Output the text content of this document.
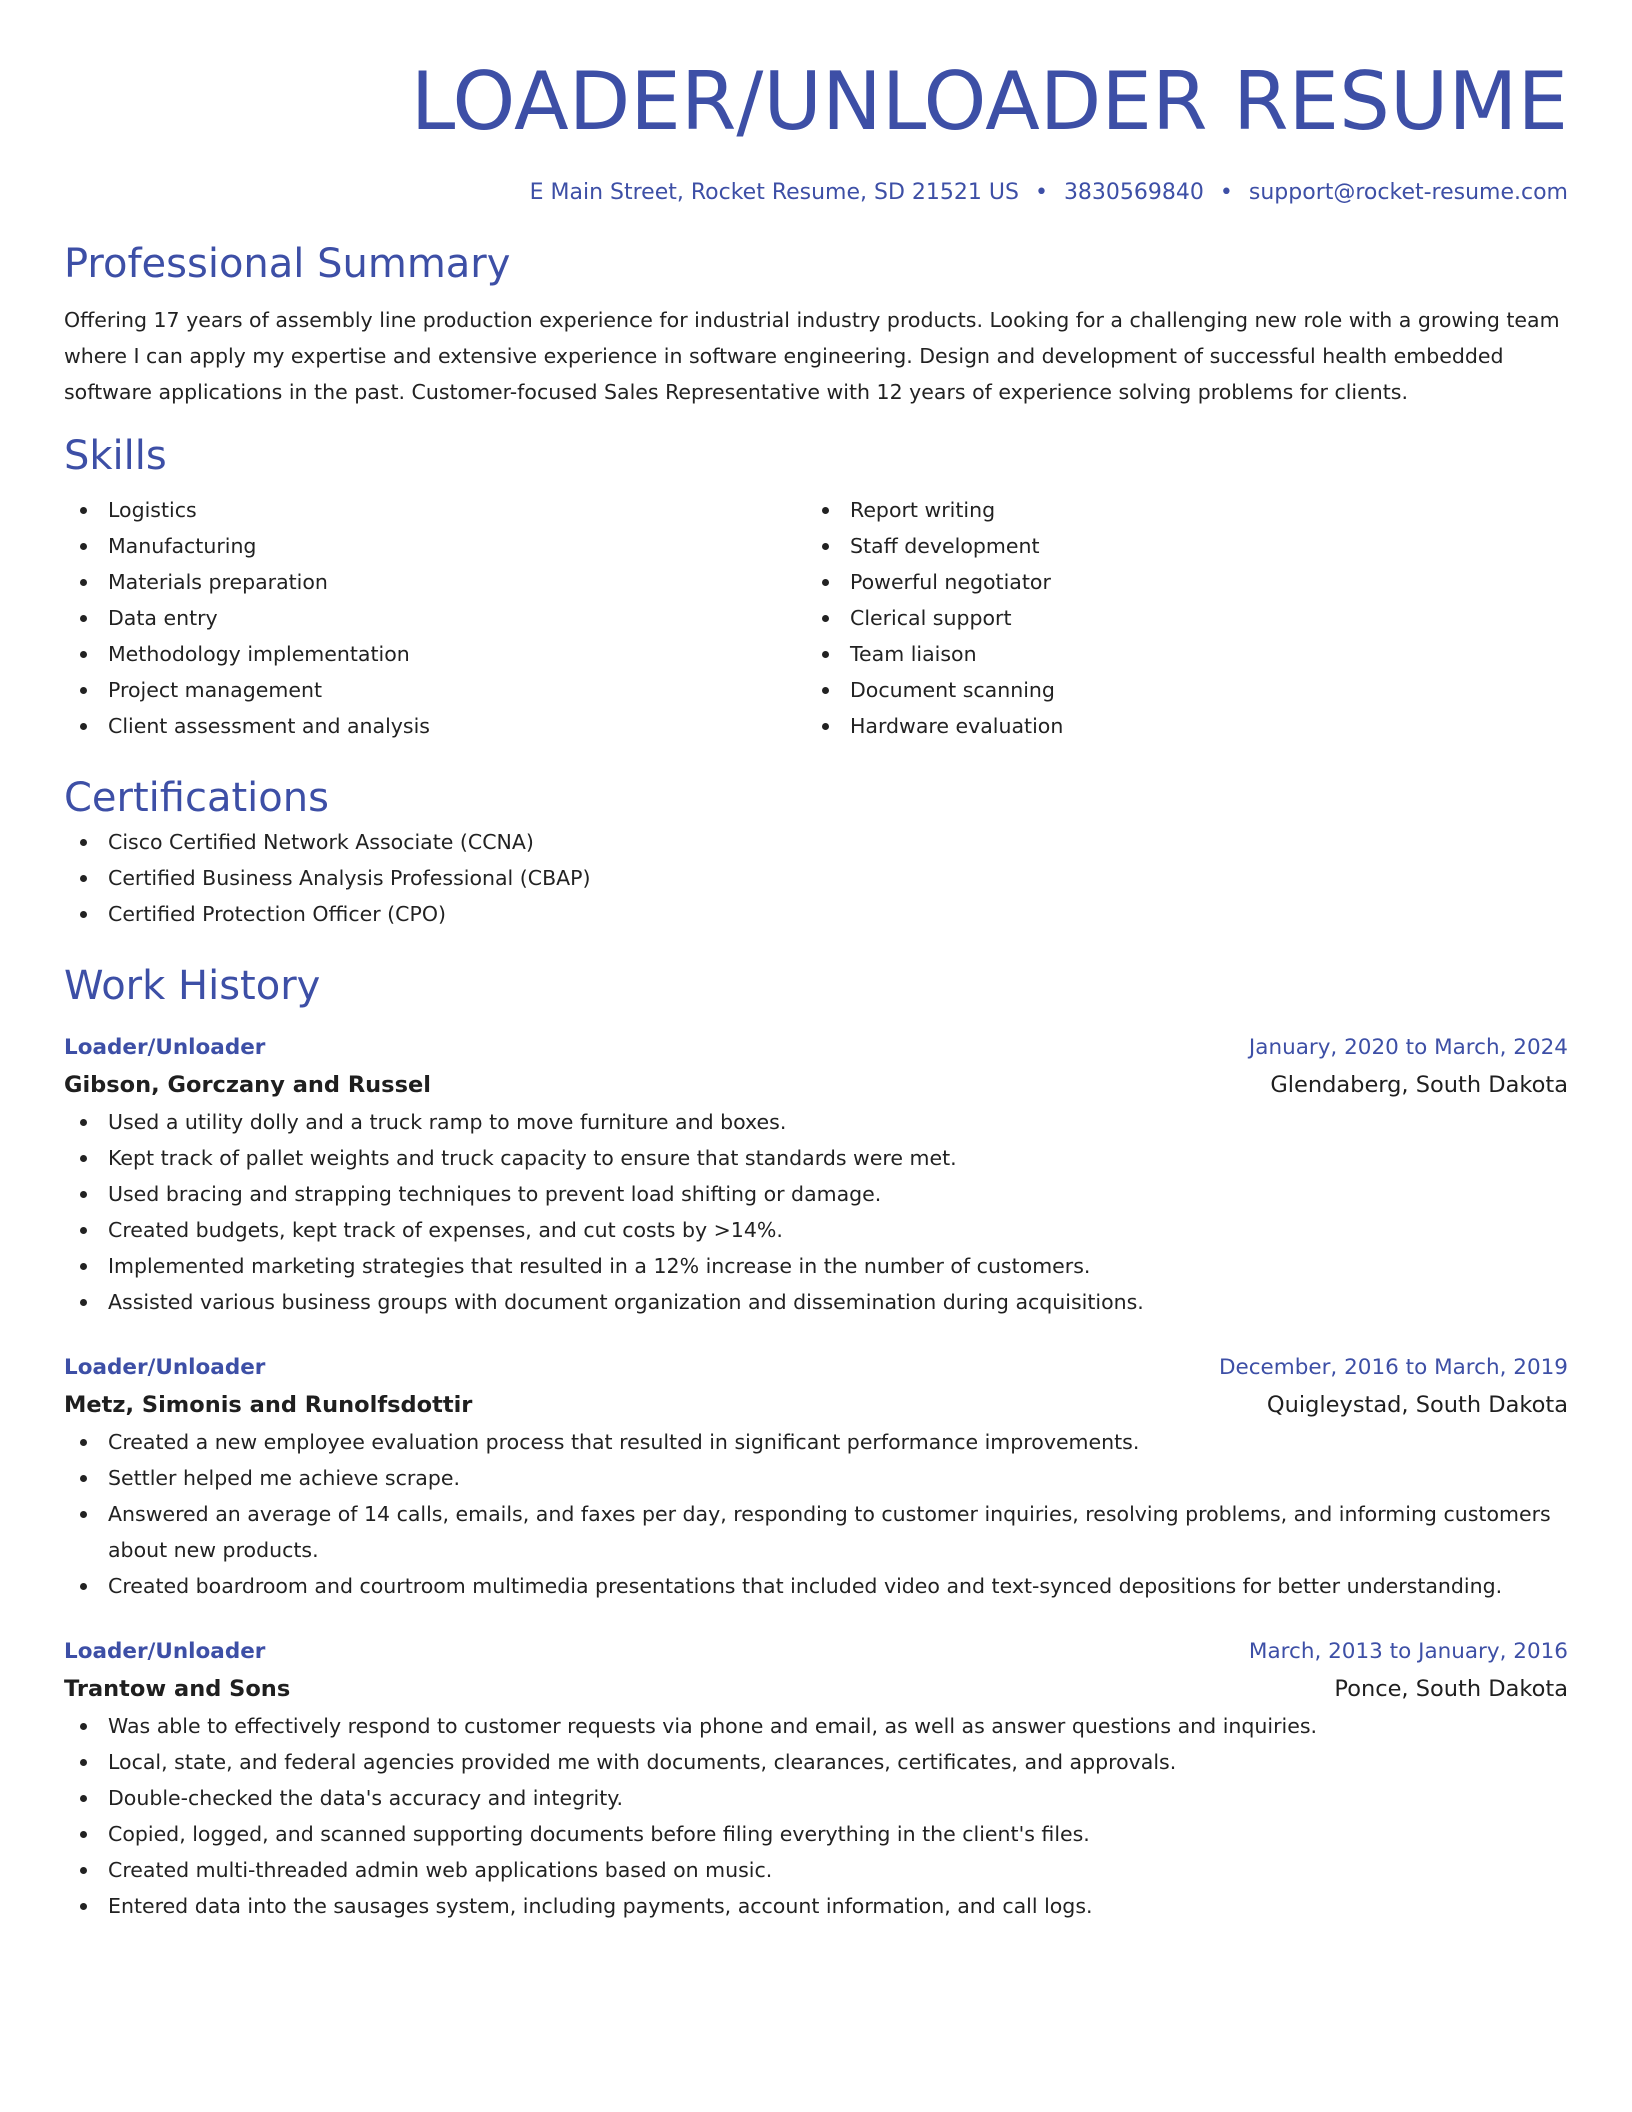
LOADER/UNLOADER RESUME
E Main Street, Rocket Resume, SD 21521 US • 3830569840 • support@rocket-resume.com
Professional Summary
Offering 17 years of assembly line production experience for industrial industry products. Looking for a challenging new role with a growing team where I can apply my expertise and extensive experience in software engineering. Design and development of successful health embedded software applications in the past. Customer-focused Sales Representative with 12 years of experience solving problems for clients.
Skills
Logistics
Manufacturing
Materials preparation
Data entry
Methodology implementation
Project management
Client assessment and analysis
Report writing
Staff development
Powerful negotiator
Clerical support
Team liaison
Document scanning
Hardware evaluation
Certifications
Cisco Certified Network Associate (CCNA)
Certified Business Analysis Professional (CBAP)
Certified Protection Officer (CPO)
Work History
Loader/Unloader	January, 2020 to March, 2024
Gibson, Gorczany and Russel	Glendaberg, South Dakota
Used a utility dolly and a truck ramp to move furniture and boxes.
Kept track of pallet weights and truck capacity to ensure that standards were met.
Used bracing and strapping techniques to prevent load shifting or damage.
Created budgets, kept track of expenses, and cut costs by >14%.
Implemented marketing strategies that resulted in a 12% increase in the number of customers.
Assisted various business groups with document organization and dissemination during acquisitions.
Loader/Unloader	December, 2016 to March, 2019
Metz, Simonis and Runolfsdottir	Quigleystad, South Dakota
Created a new employee evaluation process that resulted in significant performance improvements.
Settler helped me achieve scrape.
Answered an average of 14 calls, emails, and faxes per day, responding to customer inquiries, resolving problems, and informing customers about new products.
Created boardroom and courtroom multimedia presentations that included video and text-synced depositions for better understanding.
Loader/Unloader	March, 2013 to January, 2016
Trantow and Sons	Ponce, South Dakota
Was able to effectively respond to customer requests via phone and email, as well as answer questions and inquiries.
Local, state, and federal agencies provided me with documents, clearances, certificates, and approvals.
Double-checked the data's accuracy and integrity.
Copied, logged, and scanned supporting documents before filing everything in the client's files.
Created multi-threaded admin web applications based on music.
Entered data into the sausages system, including payments, account information, and call logs.
